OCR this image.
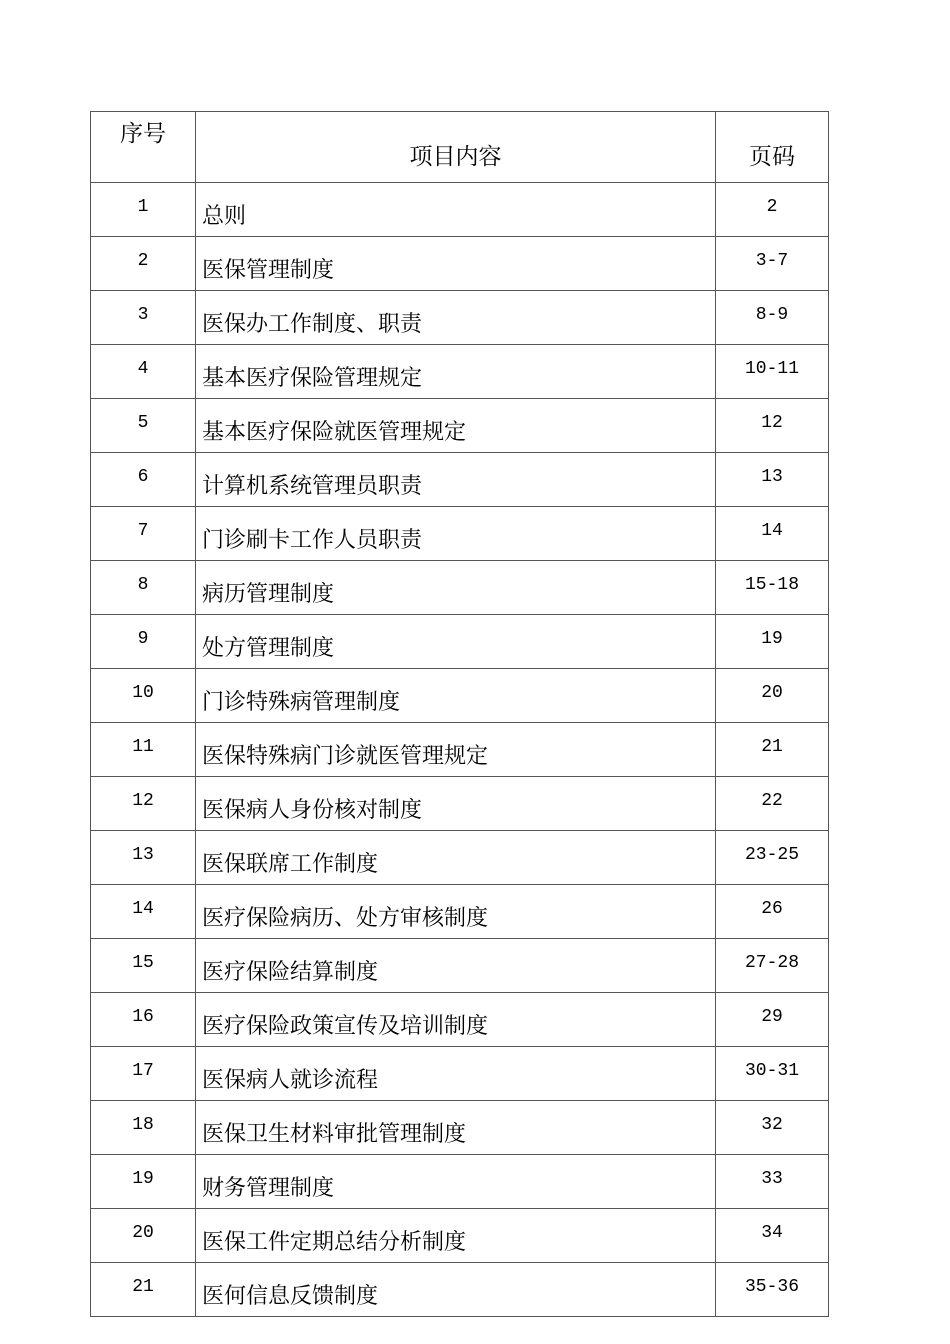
序号	项目内容	页码
1	总则	2
2	医保管理制度	3-7
3	医保办工作制度、职责	8-9
4	基本医疗保险管理规定	10-11
5	基本医疗保险就医管理规定	12
6	计算机系统管理员职责	13
7	门诊刷卡工作人员职责	14
8	病历管理制度	15-18
9	处方管理制度	19
10	门诊特殊病管理制度	20
11	医保特殊病门诊就医管理规定	21
12	医保病人身份核对制度	22
13	医保联席工作制度	23-25
14	医疗保险病历、处方审核制度	26
15	医疗保险结算制度	27-28
16	医疗保险政策宣传及培训制度	29
17	医保病人就诊流程	30-31
18	医保卫生材料审批管理制度	32
19	财务管理制度	33
20	医保工件定期总结分析制度	34
21	医何信息反馈制度	35-36
